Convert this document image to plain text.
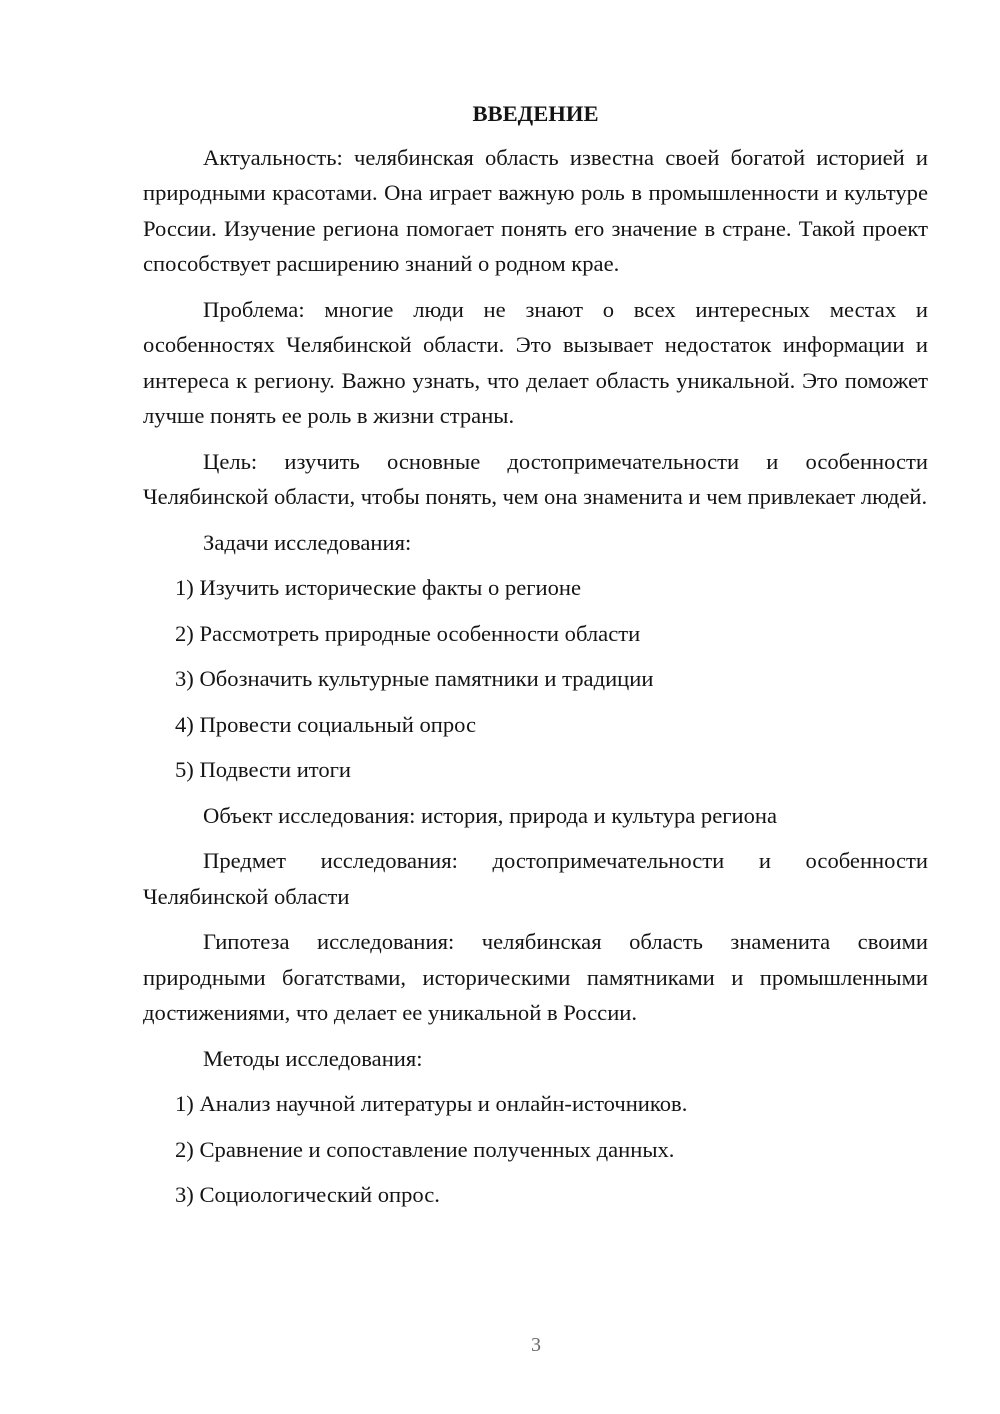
ВВЕДЕНИЕ

Актуальность: челябинская область известна своей богатой историей и природными красотами. Она играет важную роль в промышленности и культуре России. Изучение региона помогает понять его значение в стране. Такой проект способствует расширению знаний о родном крае.

Проблема: многие люди не знают о всех интересных местах и особенностях Челябинской области. Это вызывает недостаток информации и интереса к региону. Важно узнать, что делает область уникальной. Это поможет лучше понять ее роль в жизни страны.

Цель: изучить основные достопримечательности и особенности Челябинской области, чтобы понять, чем она знаменита и чем привлекает людей.

Задачи исследования:

1) Изучить исторические факты о регионе
2) Рассмотреть природные особенности области
3) Обозначить культурные памятники и традиции
4) Провести социальный опрос
5) Подвести итоги

Объект исследования: история, природа и культура региона

Предмет исследования: достопримечательности и особенности Челябинской области

Гипотеза исследования: челябинская область знаменита своими природными богатствами, историческими памятниками и промышленными достижениями, что делает ее уникальной в России.

Методы исследования:

1) Анализ научной литературы и онлайн-источников.
2) Сравнение и сопоставление полученных данных.
3) Социологический опрос.
3
